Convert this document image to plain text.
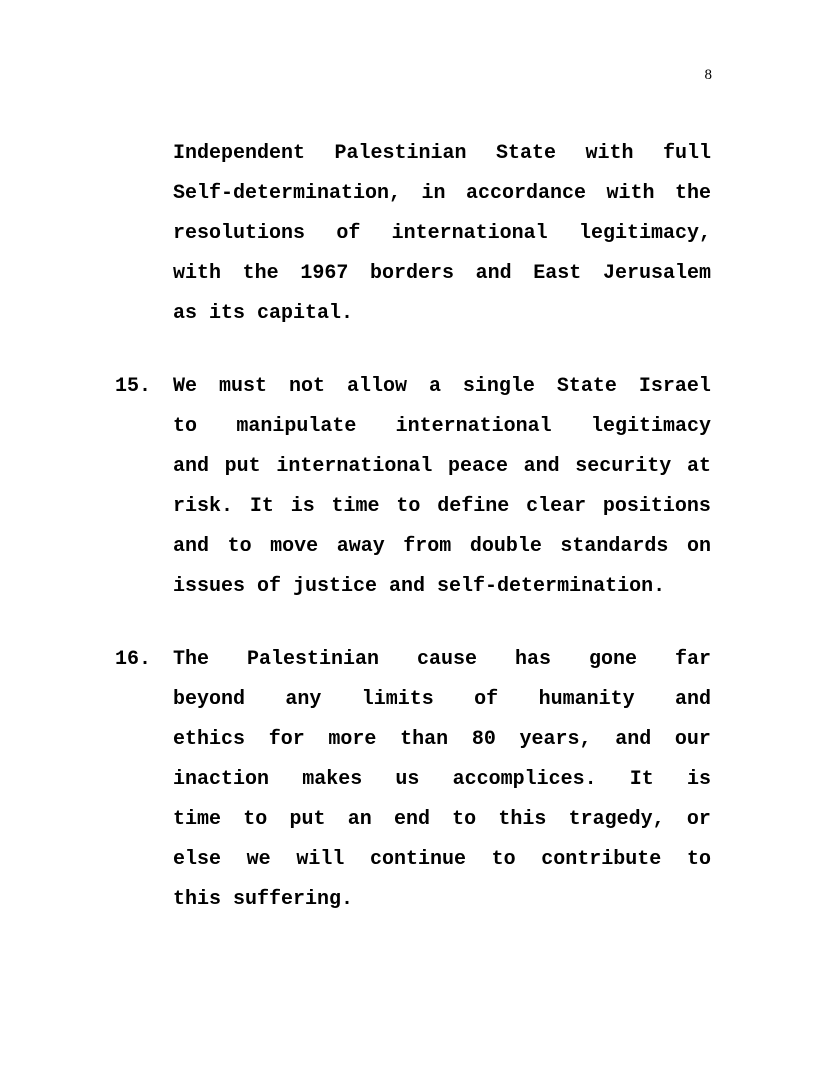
8
Independent Palestinian State with full
Self-determination, in accordance with the
resolutions of international legitimacy,
with the 1967 borders and East Jerusalem
as its capital.
15. We must not allow a single State Israel
to manipulate international legitimacy
and put international peace and security at
risk. It is time to define clear positions
and to move away from double standards on
issues of justice and self-determination.
16. The Palestinian cause has gone far
beyond any limits of humanity and
ethics for more than 80 years, and our
inaction makes us accomplices. It is
time to put an end to this tragedy, or
else we will continue to contribute to
this suffering.
